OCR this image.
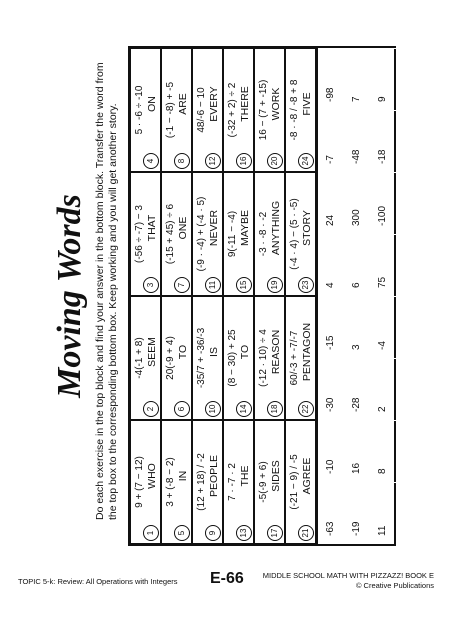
Moving Words Do each exercise in the top block and find your answer in the bottom block. Transfer the word from the top box to the corresponding bottom box. Keep working and you will get another story.
1
9 + (7 − 12) WHO
2
-4(-1 + 8) SEEM
3
(-56 ÷ -7) − 3 THAT
4
5 · -6 ÷ -10 ON
5
3 + (-8 − 2) IN
6
20(-9 + 4) TO
7
(-15 + 45) ÷ 6 ONE
8
(-1 − -8) + -5 ARE
9
(12 + 18) / -2 PEOPLE
10
-35/7 + -36/-3 IS
11
(-9 · -4) + (-4 · 5) NEVER
12
48/-6 − 10 EVERY
13
7 · -7 · 2 THE
14
(8 − 30) + 25 TO
15
9(-11 − -4) MAYBE
16
(-32 + 2) ÷ 2 THERE
17
-5(-9 + 6) SIDES
18
(-12 · 10) ÷ 4 REASON
19
-3 · -8 · -2 ANYTHING
20
16 − (7 + -15) WORK
21
(-21 − 9) / -5 AGREE
22
60/-3 + -7/-7 PENTAGON
23
(-4 · 4) − (5 · -5) STORY
24
-8 · -8 / -8 + 8 FIVE
-63
-10
-30
-15
4
24
-7
-98
-19
16
-28
3
6
300
-48
7
11
8
2
-4
75
-100
-18
9
TOPIC 5-k: Review: All Operations with Integers E-66	MIDDLE SCHOOL MATH WITH PIZZAZZ! BOOK E
© Creative Publications
